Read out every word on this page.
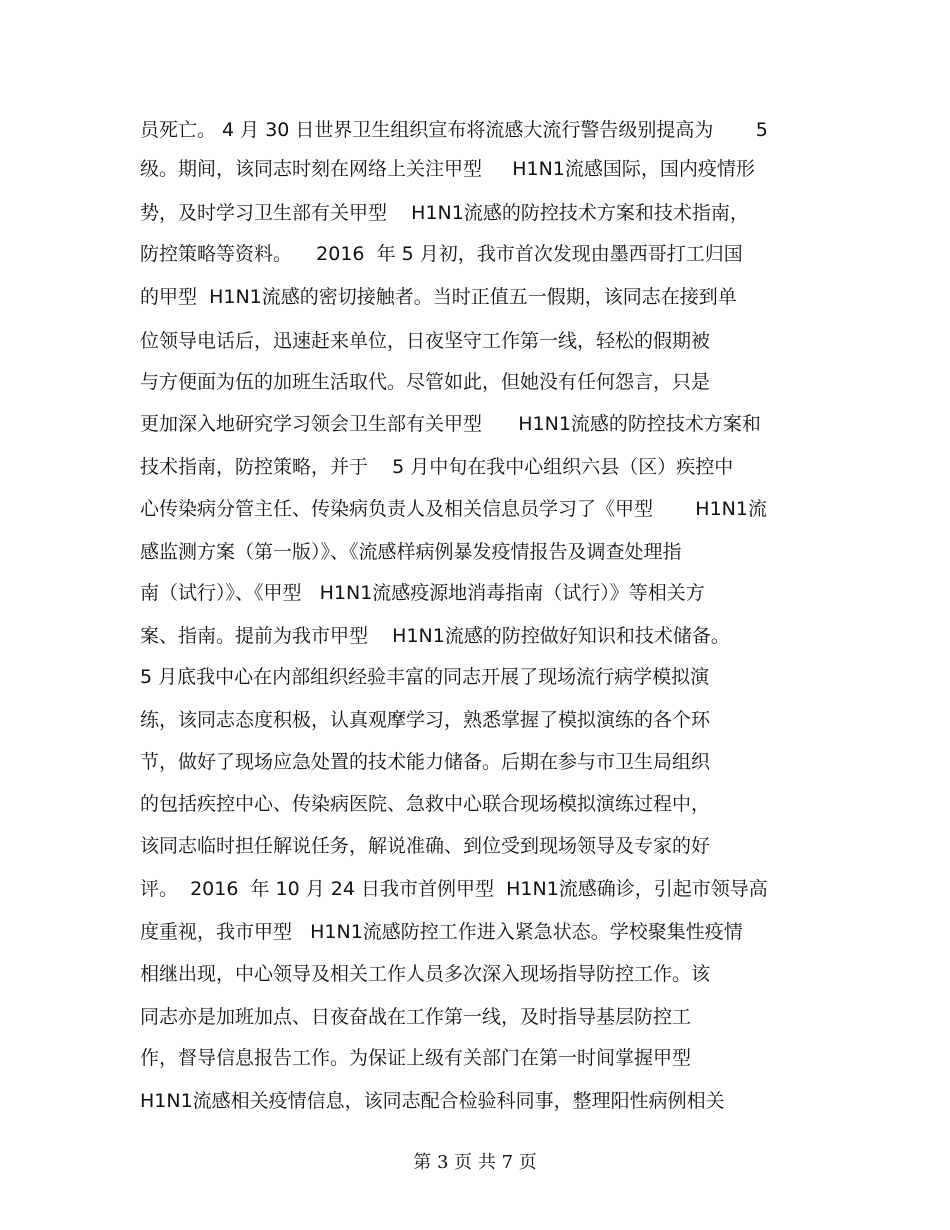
员死亡。 4 月 30 日世界卫生组织宣布将流感大流行警告级别提高为       5
级。期间，该同志时刻在网络上关注甲型     H1N1流感国际，国内疫情形
势，及时学习卫生部有关甲型    H1N1流感的防控技术方案和技术指南，
防控策略等资料。    2016  年 5 月初，我市首次发现由墨西哥打工归国
的甲型  H1N1流感的密切接触者。当时正值五一假期，该同志在接到单
位领导电话后，迅速赶来单位，日夜坚守工作第一线，轻松的假期被
与方便面为伍的加班生活取代。尽管如此，但她没有任何怨言，只是
更加深入地研究学习领会卫生部有关甲型      H1N1流感的防控技术方案和
技术指南，防控策略，并于    5 月中旬在我中心组织六县（区）疾控中
心传染病分管主任、传染病负责人及相关信息员学习了《甲型       H1N1流
感监测方案（第一版）》、《流感样病例暴发疫情报告及调查处理指
南（试行）》、《甲型   H1N1流感疫源地消毒指南（试行）》等相关方
案、指南。提前为我市甲型    H1N1流感的防控做好知识和技术储备。
5 月底我中心在内部组织经验丰富的同志开展了现场流行病学模拟演
练，该同志态度积极，认真观摩学习，熟悉掌握了模拟演练的各个环
节，做好了现场应急处置的技术能力储备。后期在参与市卫生局组织
的包括疾控中心、传染病医院、急救中心联合现场模拟演练过程中，
该同志临时担任解说任务，解说准确、到位受到现场领导及专家的好
评。  2016  年 10 月 24 日我市首例甲型  H1N1流感确诊，引起市领导高
度重视，我市甲型   H1N1流感防控工作进入紧急状态。学校聚集性疫情
相继出现，中心领导及相关工作人员多次深入现场指导防控工作。该
同志亦是加班加点、日夜奋战在工作第一线，及时指导基层防控工
作，督导信息报告工作。为保证上级有关部门在第一时间掌握甲型
H1N1流感相关疫情信息，该同志配合检验科同事，整理阳性病例相关
第 3 页 共 7 页
